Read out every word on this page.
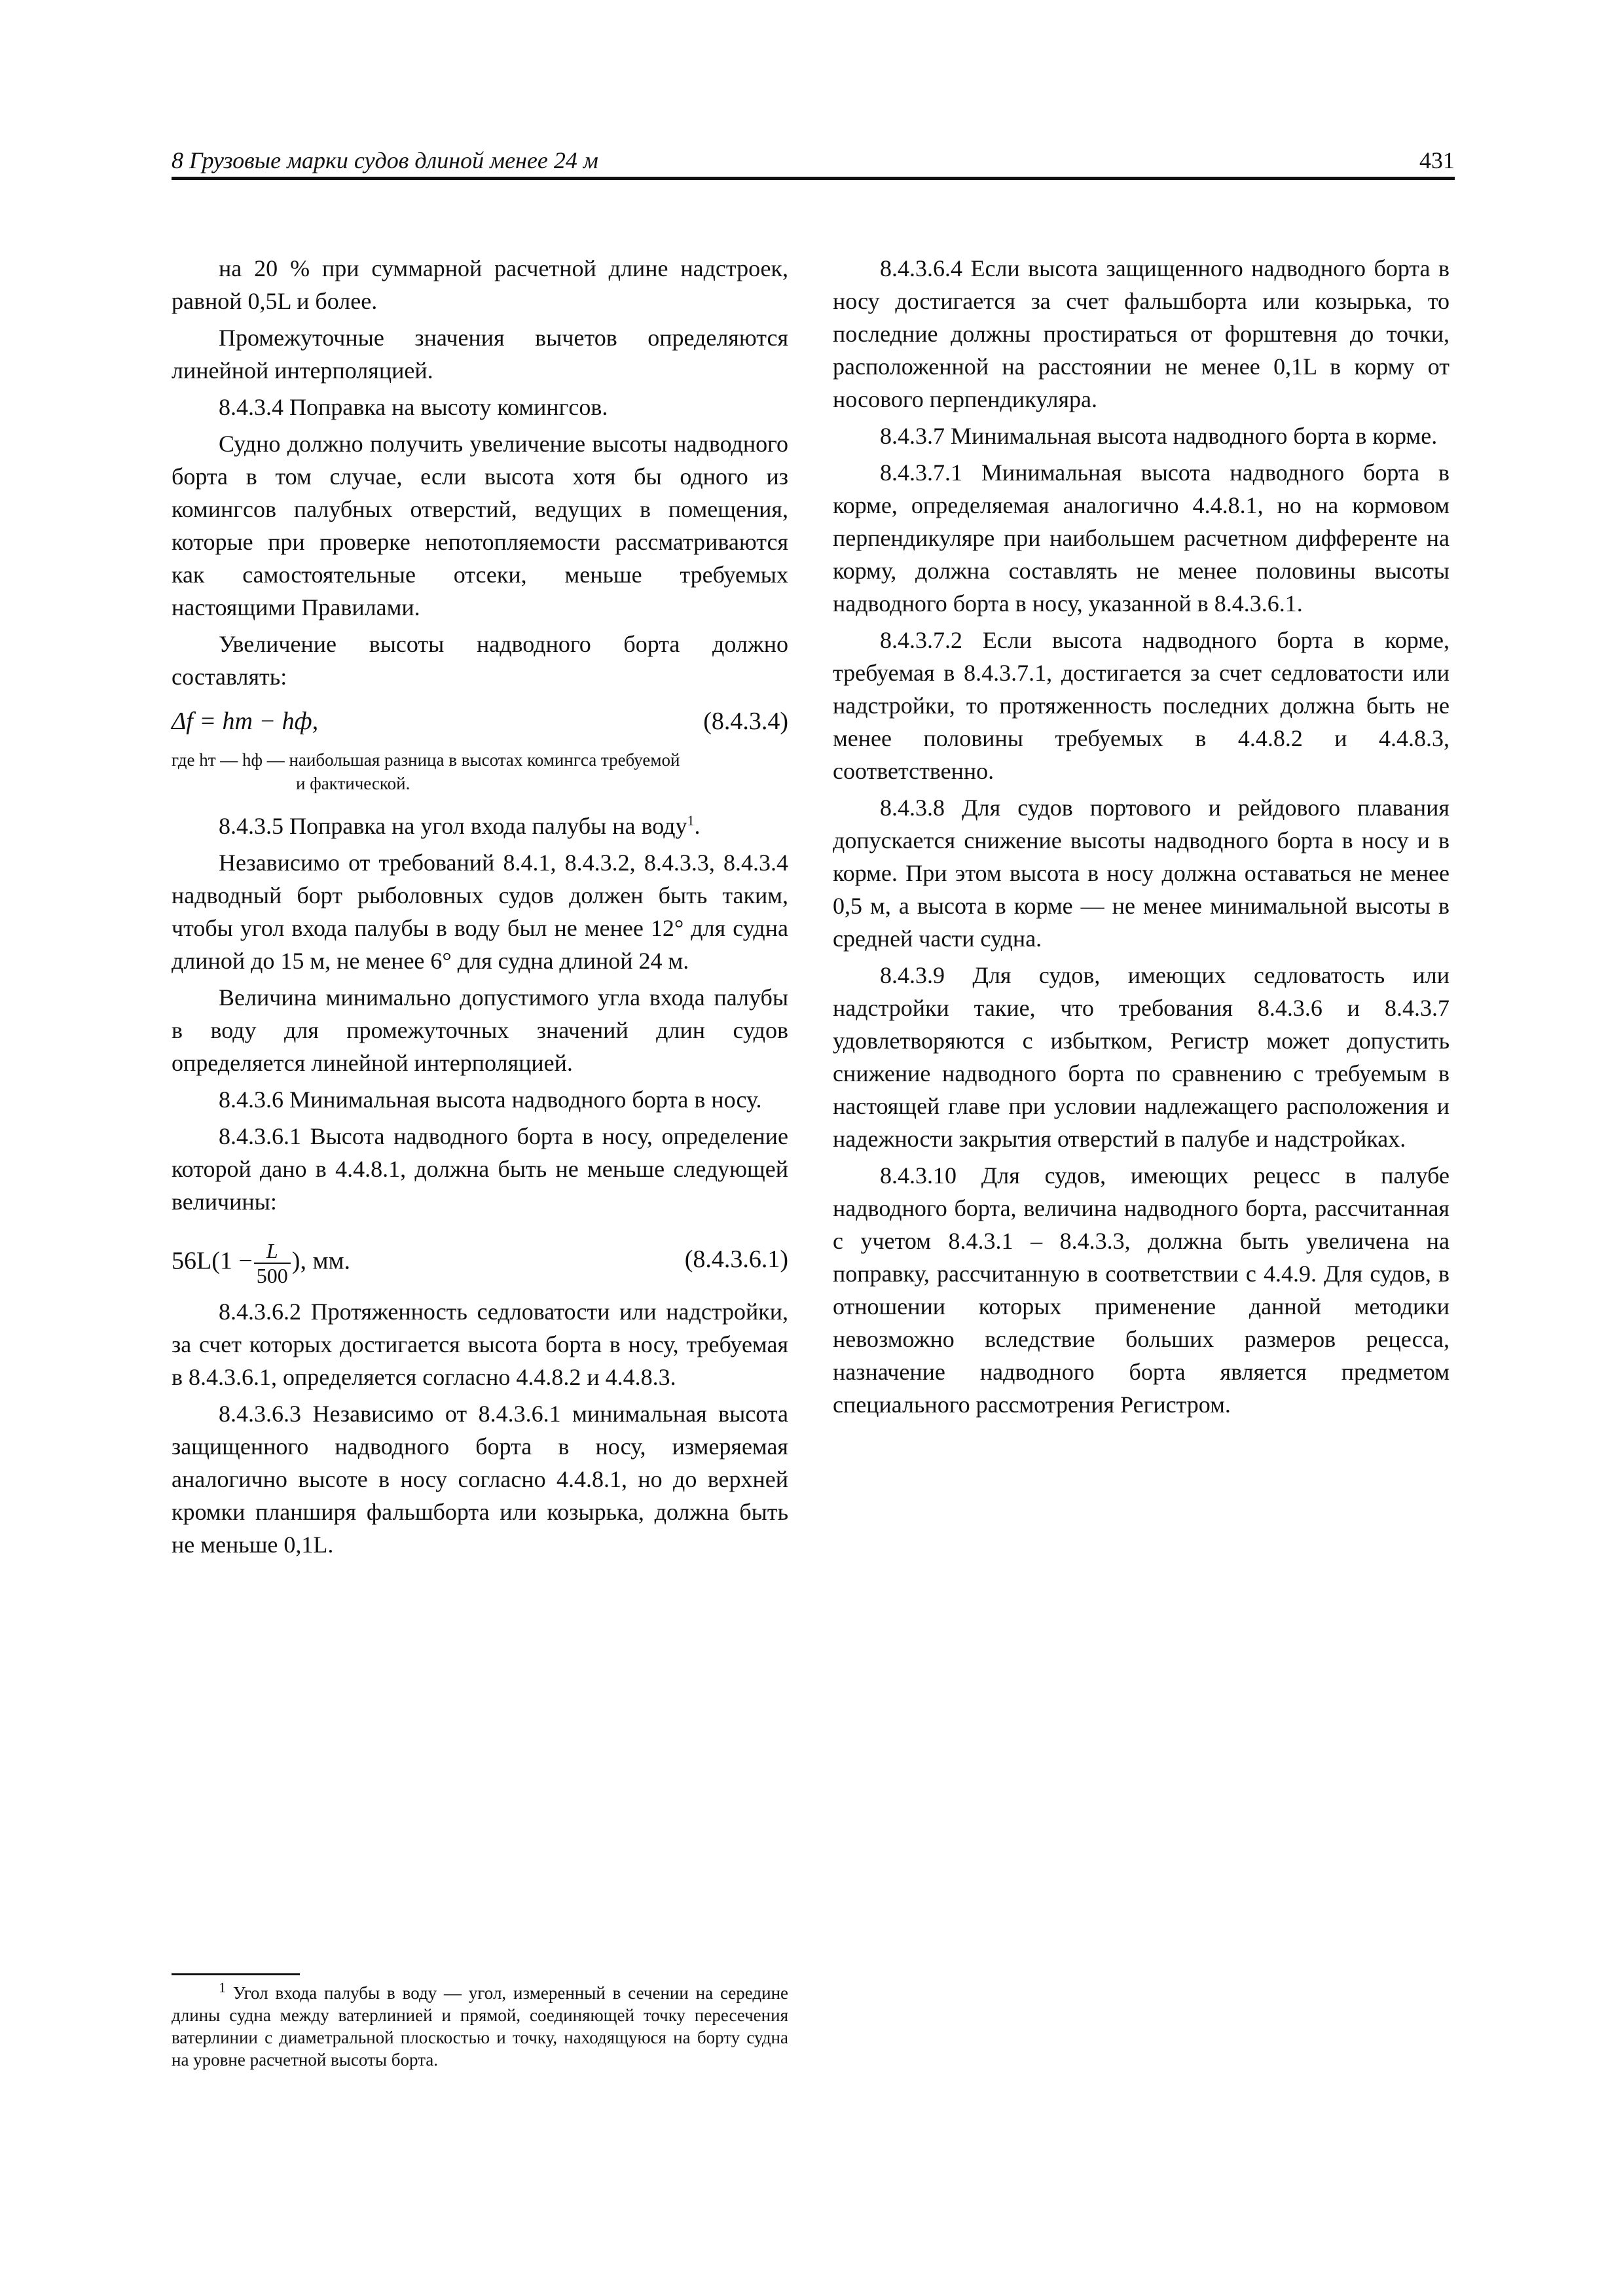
8 Грузовые марки судов длиной менее 24 м	431

на 20 % при суммарной расчетной длине надстроек, равной 0,5L и более.

Промежуточные значения вычетов определяются линейной интерполяцией.

8.4.3.4 Поправка на высоту комингсов.

Судно должно получить увеличение высоты надводного борта в том случае, если высота хотя бы одного из комингсов палубных отверстий, ведущих в помещения, которые при проверке непотопляемости рассматриваются как самостоятельные отсеки, меньше требуемых настоящими Правилами.

Увеличение высоты надводного борта должно составлять:

Δf = hт − hф,	(8.4.3.4)
где hт — hф — наибольшая разница в высотах комингса требуемой
и фактической.

8.4.3.5 Поправка на угол входа палубы на воду$^1$.

Независимо от требований 8.4.1, 8.4.3.2, 8.4.3.3, 8.4.3.4 надводный борт рыболовных судов должен быть таким, чтобы угол входа палубы в воду был не менее 12° для судна длиной до 15 м, не менее 6° для судна длиной 24 м.

Величина минимально допустимого угла входа палубы в воду для промежуточных значений длин судов определяется линейной интерполяцией.

8.4.3.6 Минимальная высота надводного борта в носу.

8.4.3.6.1 Высота надводного борта в носу, определение которой дано в 4.4.8.1, должна быть не меньше следующей величины:

$56L(1 - \frac{L}{500}$ ), мм.	(8.4.3.6.1)

8.4.3.6.2 Протяженность седловатости или надстройки, за счет которых достигается высота борта в носу, требуемая в 8.4.3.6.1, определяется согласно 4.4.8.2 и 4.4.8.3.

8.4.3.6.3 Независимо от 8.4.3.6.1 минимальная высота защищенного надводного борта в носу, измеряемая аналогично высоте в носу согласно 4.4.8.1, но до верхней кромки планширя фальшборта или козырька, должна быть не меньше 0,1L.

8.4.3.6.4 Если высота защищенного надводного борта в носу достигается за счет фальшборта или козырька, то последние должны простираться от форштевня до точки, расположенной на расстоянии не менее 0,1L в корму от носового перпендикуляра.

8.4.3.7 Минимальная высота надводного борта в корме.

8.4.3.7.1 Минимальная высота надводного борта в корме, определяемая аналогично 4.4.8.1, но на кормовом перпендикуляре при наибольшем расчетном дифференте на корму, должна составлять не менее половины высоты надводного борта в носу, указанной в 8.4.3.6.1.

8.4.3.7.2 Если высота надводного борта в корме, требуемая в 8.4.3.7.1, достигается за счет седловатости или надстройки, то протяженность последних должна быть не менее половины требуемых в 4.4.8.2 и 4.4.8.3, соответственно.

8.4.3.8 Для судов портового и рейдового плавания допускается снижение высоты надводного борта в носу и в корме. При этом высота в носу должна оставаться не менее 0,5 м, а высота в корме — не менее минимальной высоты в средней части судна.

8.4.3.9 Для судов, имеющих седловатость или надстройки такие, что требования 8.4.3.6 и 8.4.3.7 удовлетворяются с избытком, Регистр может допустить снижение надводного борта по сравнению с требуемым в настоящей главе при условии надлежащего расположения и надежности закрытия отверстий в палубе и надстройках.

8.4.3.10 Для судов, имеющих рецесс в палубе надводного борта, величина надводного борта, рассчитанная с учетом 8.4.3.1 – 8.4.3.3, должна быть увеличена на поправку, рассчитанную в соответствии с 4.4.9. Для судов, в отношении которых применение данной методики невозможно вследствие больших размеров рецесса, назначение надводного борта является предметом специального рассмотрения Регистром.

$^1$ Угол входа палубы в воду — угол, измеренный в сечении на середине длины судна между ватерлинией и прямой, соединяющей точку пересечения ватерлинии с диаметральной плоскостью и точку, находящуюся на борту судна на уровне расчетной высоты борта.
